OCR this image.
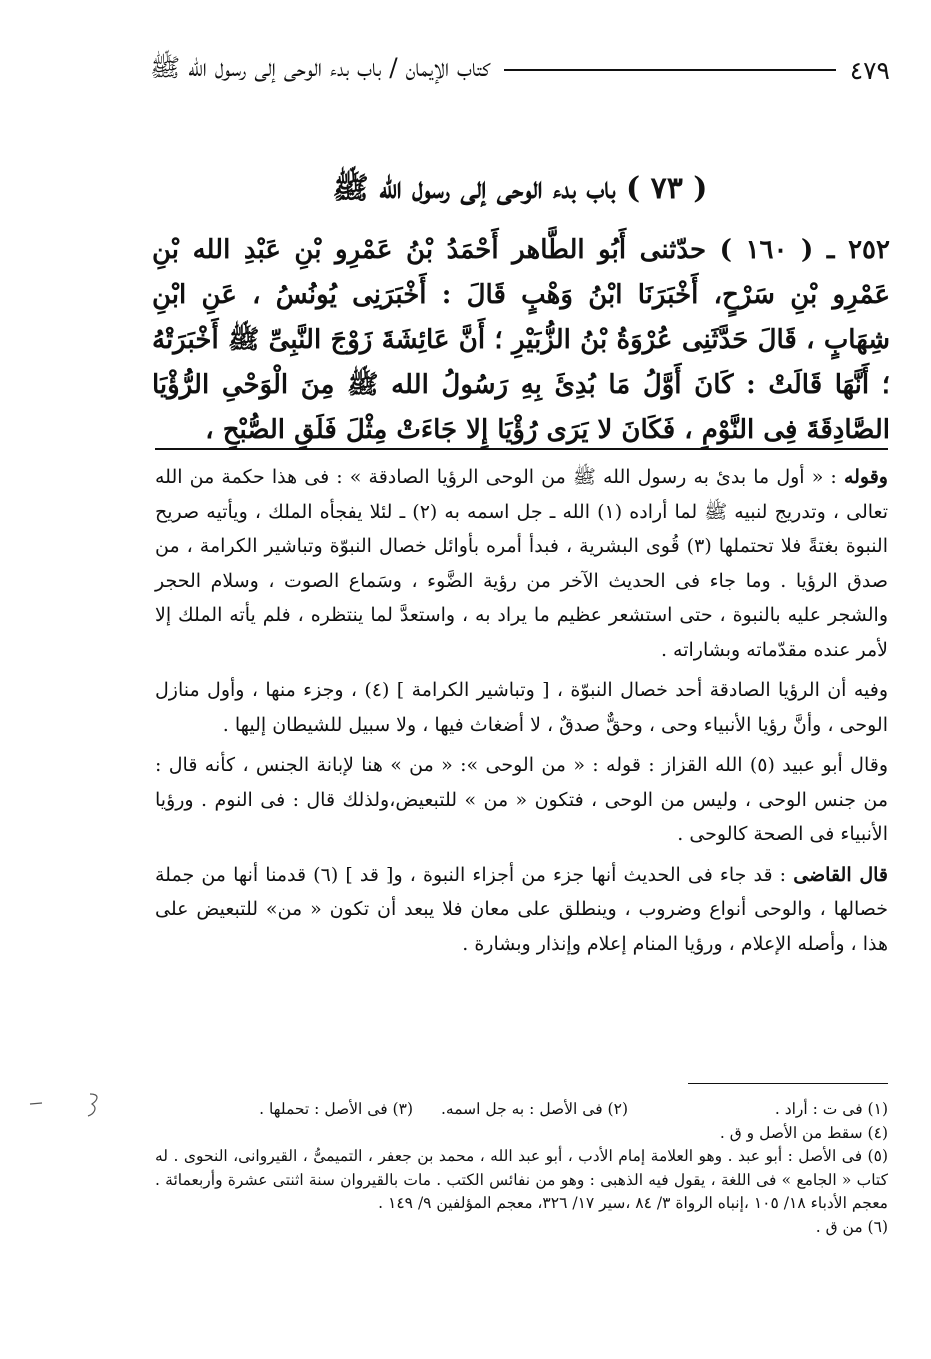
كتاب الإيمان / باب بدء الوحى إلى رسول الله ﷺ	٤٧٩
( ٧٣ ) باب بدء الوحى إلى رسول الله ﷺ
٢٥٢ ـ ( ١٦٠ ) حدّثنى أَبُو الطَّاهر أَحْمَدُ بْنُ عَمْرِو بْنِ عَبْدِ الله بْنِ عَمْرِو بْنِ سَرْحٍ، أَخْبَرَنَا ابْنُ وَهْبٍ قَالَ : أَخْبَرَنِى يُونُسُ ، عَنِ ابْنِ شِهَابٍ ، قَالَ حَدَّثَنِى عُرْوَةُ بْنُ الزُّبَيْرِ ؛ أَنَّ عَائِشَةَ زَوْجَ النَّبِىِّ ﷺ أَخْبَرَتْهُ ؛ أَنَّهَا قَالَتْ : كَانَ أَوَّلُ مَا بُدِئَ بِهِ رَسُولُ الله ﷺ مِنَ الْوَحْىِ الرُّؤْيَا الصَّادِقَةَ فِى النَّوْمِ ، فَكَانَ لا يَرَى رُؤْيَا إِلا جَاءَتْ مِثْلَ فَلَقِ الصُّبْحِ ،

وقوله : « أول ما بدئ به رسول الله ﷺ من الوحى الرؤيا الصادقة » : فى هذا حكمة من الله تعالى ، وتدريج لنبيه ﷺ لما أراده (١) الله ـ جل اسمه به (٢) ـ لئلا يفجأه الملك ، ويأتيه صريح النبوة بغتةً فلا تحتملها (٣) قُوى البشرية ، فبدأ أمره بأوائل خصال النبوّة وتباشير الكرامة ، من صدق الرؤيا . وما جاء فى الحديث الآخر من رؤية الضَّوء ، وسَماع الصوت ، وسلام الحجر والشجر عليه بالنبوة ، حتى استشعر عظيم ما يراد به ، واستعدَّ لما ينتظره ، فلم يأته الملك إلا لأمر عنده مقدّماته وبشاراته .

وفيه أن الرؤيا الصادقة أحد خصال النبوّة ، [ وتباشير الكرامة ] (٤) ، وجزء منها ، وأول منازل الوحى ، وأنَّ رؤيا الأنبياء وحى ، وحقٌّ صدقٌ ، لا أضغاث فيها ، ولا سبيل للشيطان إليها .

وقال أبو عبيد (٥) الله القزاز : قوله : « من الوحى »: « من » هنا لإبانة الجنس ، كأنه قال : من جنس الوحى ، وليس من الوحى ، فتكون « من » للتبعيض،ولذلك قال : فى النوم . ورؤيا الأنبياء فى الصحة كالوحى .

قال القاضى : قد جاء فى الحديث أنها جزء من أجزاء النبوة ، و[ قد ] (٦) قدمنا أنها من جملة خصالها ، والوحى أنواع وضروب ، وينطلق على معان فلا يبعد أن تكون « من» للتبعيض على هذا ، وأصله الإعلام ، ورؤيا المنام إعلام وإنذار وبشارة .

(١) فى ت : أراد .
(٢) فى الأصل : به جل اسمه.
(٣) فى الأصل : تحملها .
(٤) سقط من الأصل و ق .
(٥) فى الأصل : أبو عبد . وهو العلامة إمام الأدب ، أبو عبد الله ، محمد بن جعفر ، التميمىُّ ، القيروانى، النحوى . له كتاب « الجامع » فى اللغة ، يقول فيه الذهبى : وهو من نفائس الكتب . مات بالقيروان سنة اثنتى عشرة وأربعمائة . معجم الأدباء ١٨/ ١٠٥ ،إنباه الرواة ٣/ ٨٤ ،سير ١٧/ ٣٢٦، معجم المؤلفين ٩/ ١٤٩ .
(٦) من ق .
